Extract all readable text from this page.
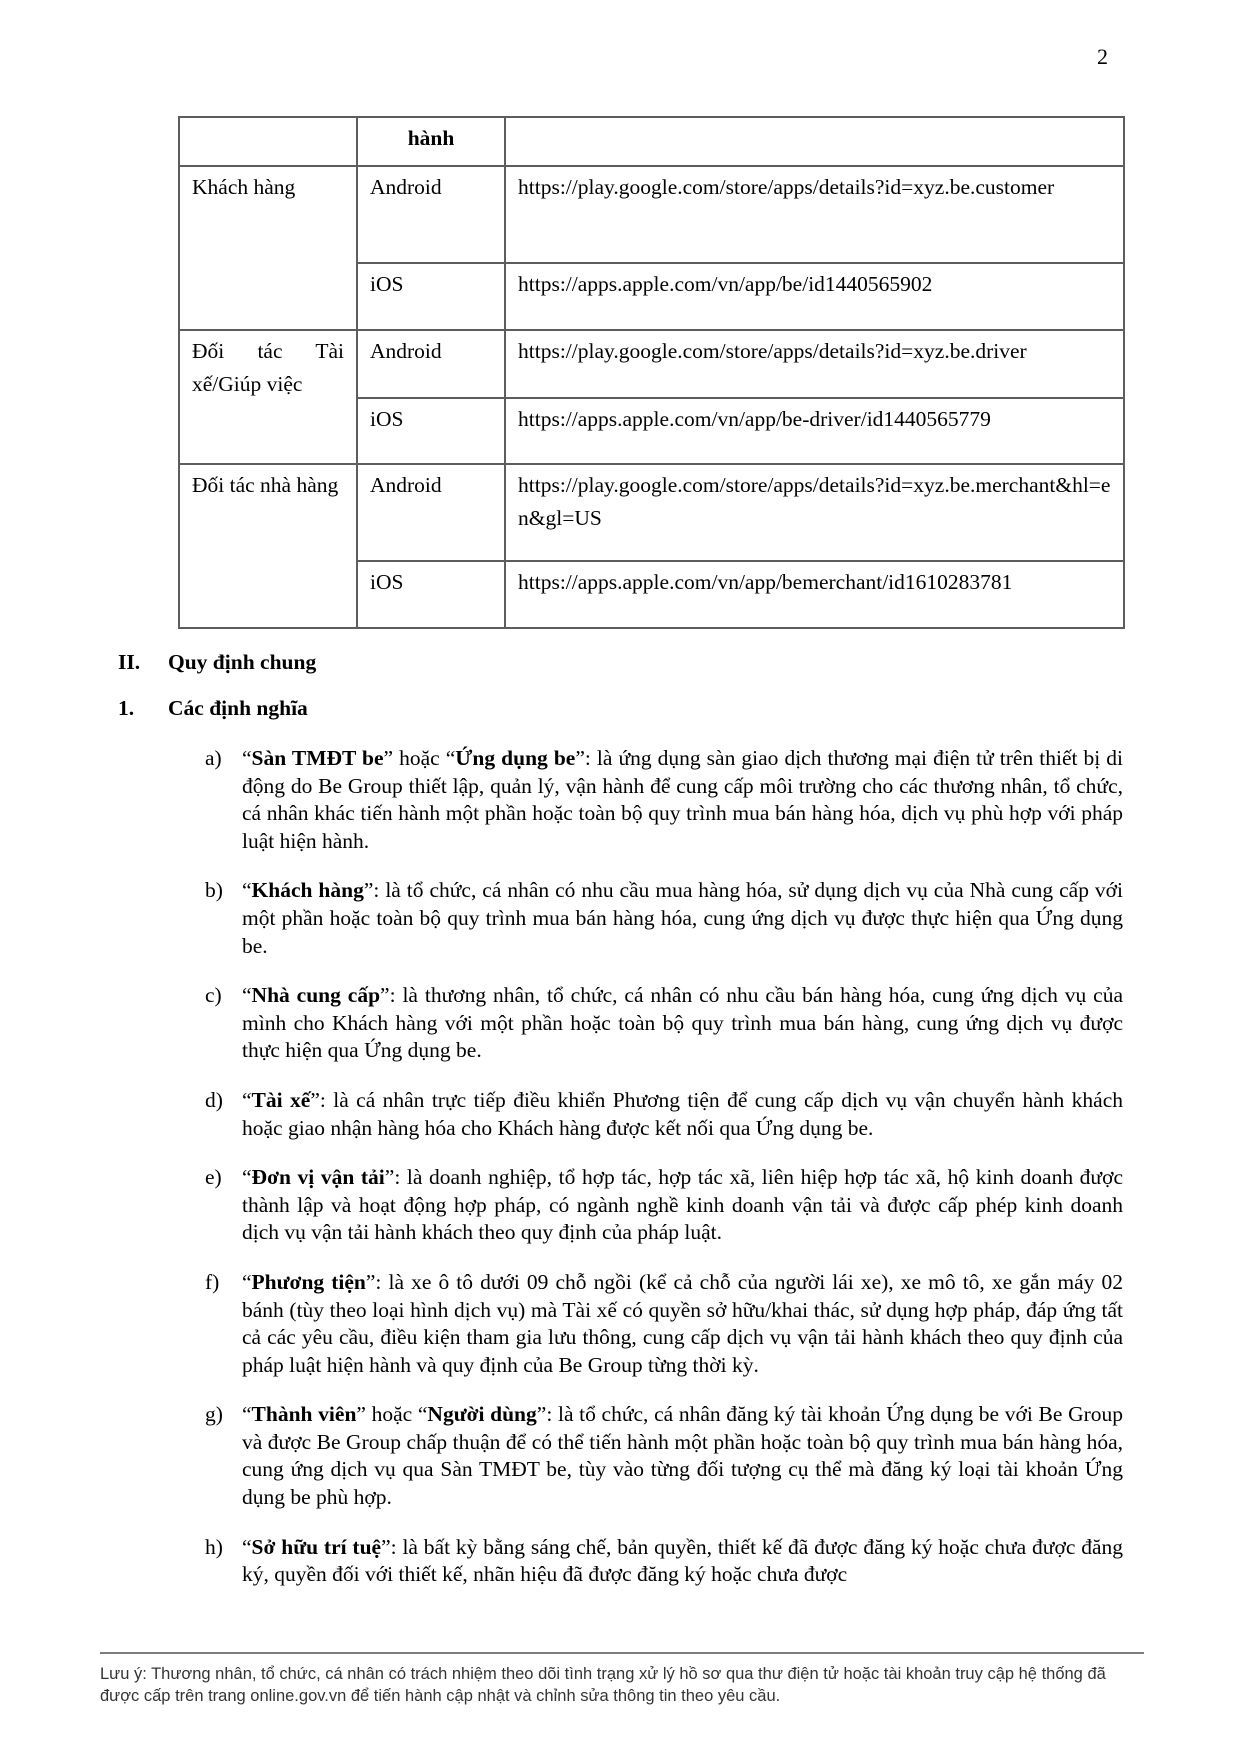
2
	hành	
Khách hàng	Android	https://play.google.com/store/apps/details?id=xyz.be.customer
	iOS	https://apps.apple.com/vn/app/be/id1440565902
Đối tác Tài xế/Giúp việc	Android	https://play.google.com/store/apps/details?id=xyz.be.driver
	iOS	https://apps.apple.com/vn/app/be-driver/id1440565779
Đối tác nhà hàng	Android	https://play.google.com/store/apps/details?id=xyz.be.merchant&hl=en&gl=US
	iOS	https://apps.apple.com/vn/app/bemerchant/id1610283781
II.	Quy định chung
1.	Các định nghĩa
a) “Sàn TMĐT be” hoặc “Ứng dụng be”: là ứng dụng sàn giao dịch thương mại điện tử trên thiết bị di động do Be Group thiết lập, quản lý, vận hành để cung cấp môi trường cho các thương nhân, tổ chức, cá nhân khác tiến hành một phần hoặc toàn bộ quy trình mua bán hàng hóa, dịch vụ phù hợp với pháp luật hiện hành.

b) “Khách hàng”: là tổ chức, cá nhân có nhu cầu mua hàng hóa, sử dụng dịch vụ của Nhà cung cấp với một phần hoặc toàn bộ quy trình mua bán hàng hóa, cung ứng dịch vụ được thực hiện qua Ứng dụng be.

c) “Nhà cung cấp”: là thương nhân, tổ chức, cá nhân có nhu cầu bán hàng hóa, cung ứng dịch vụ của mình cho Khách hàng với một phần hoặc toàn bộ quy trình mua bán hàng, cung ứng dịch vụ được thực hiện qua Ứng dụng be.

d) “Tài xế”: là cá nhân trực tiếp điều khiển Phương tiện để cung cấp dịch vụ vận chuyển hành khách hoặc giao nhận hàng hóa cho Khách hàng được kết nối qua Ứng dụng be.

e) “Đơn vị vận tải”: là doanh nghiệp, tổ hợp tác, hợp tác xã, liên hiệp hợp tác xã, hộ kinh doanh được thành lập và hoạt động hợp pháp, có ngành nghề kinh doanh vận tải và được cấp phép kinh doanh dịch vụ vận tải hành khách theo quy định của pháp luật.

f)	“Phương tiện”: là xe ô tô dưới 09 chỗ ngồi (kể cả chỗ của người lái xe), xe mô tô, xe gắn máy 02 bánh (tùy theo loại hình dịch vụ) mà Tài xế có quyền sở hữu/khai thác, sử dụng hợp pháp, đáp ứng tất cả các yêu cầu, điều kiện tham gia lưu thông, cung cấp dịch vụ vận tải hành khách theo quy định của pháp luật hiện hành và quy định của Be Group từng thời kỳ.

g) “Thành viên” hoặc “Người dùng”: là tổ chức, cá nhân đăng ký tài khoản Ứng dụng be với Be Group và được Be Group chấp thuận để có thể tiến hành một phần hoặc toàn bộ quy trình mua bán hàng hóa, cung ứng dịch vụ qua Sàn TMĐT be, tùy vào từng đối tượng cụ thể mà đăng ký loại tài khoản Ứng dụng be phù hợp.

h) “Sở hữu trí tuệ”: là bất kỳ bằng sáng chế, bản quyền, thiết kế đã được đăng ký hoặc chưa được đăng ký, quyền đối với thiết kế, nhãn hiệu đã được đăng ký hoặc chưa được

Lưu ý: Thương nhân, tổ chức, cá nhân có trách nhiệm theo dõi tình trạng xử lý hồ sơ qua thư điện tử hoặc tài khoản truy cập hệ thống đã được cấp trên trang online.gov.vn để tiến hành cập nhật và chỉnh sửa thông tin theo yêu cầu.
